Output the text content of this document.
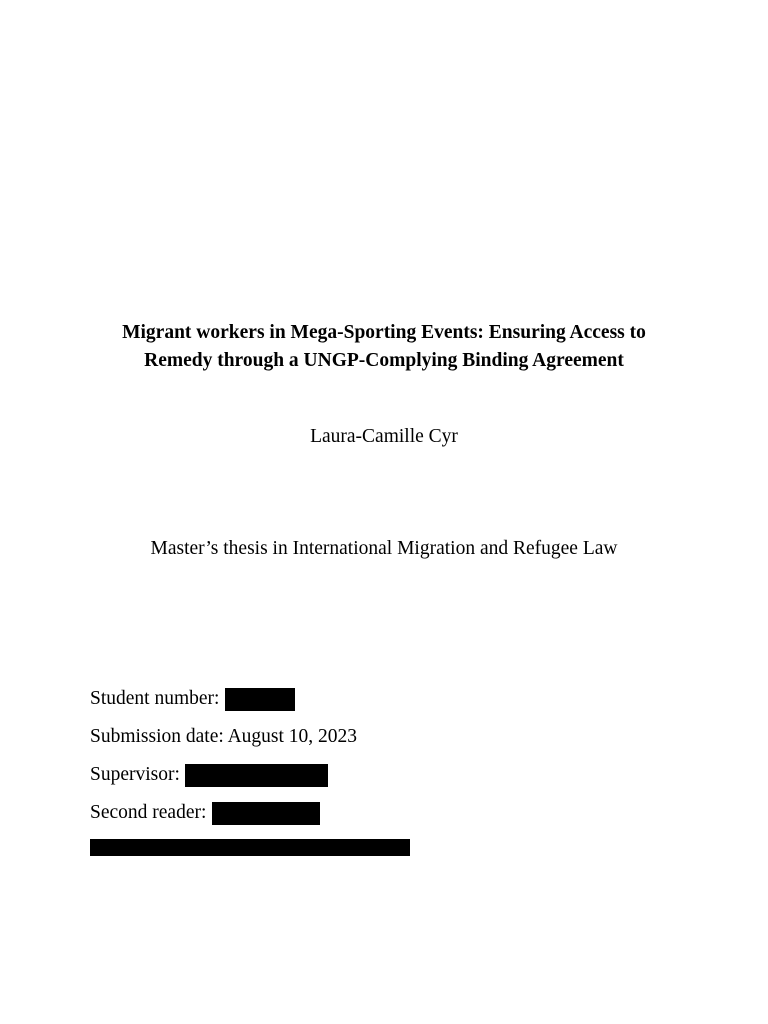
Migrant workers in Mega-Sporting Events: Ensuring Access to
Remedy through a UNGP-Complying Binding Agreement
Laura-Camille Cyr
Master’s thesis in International Migration and Refugee Law
Student number:
Submission date: August 10, 2023
Supervisor:
Second reader:
